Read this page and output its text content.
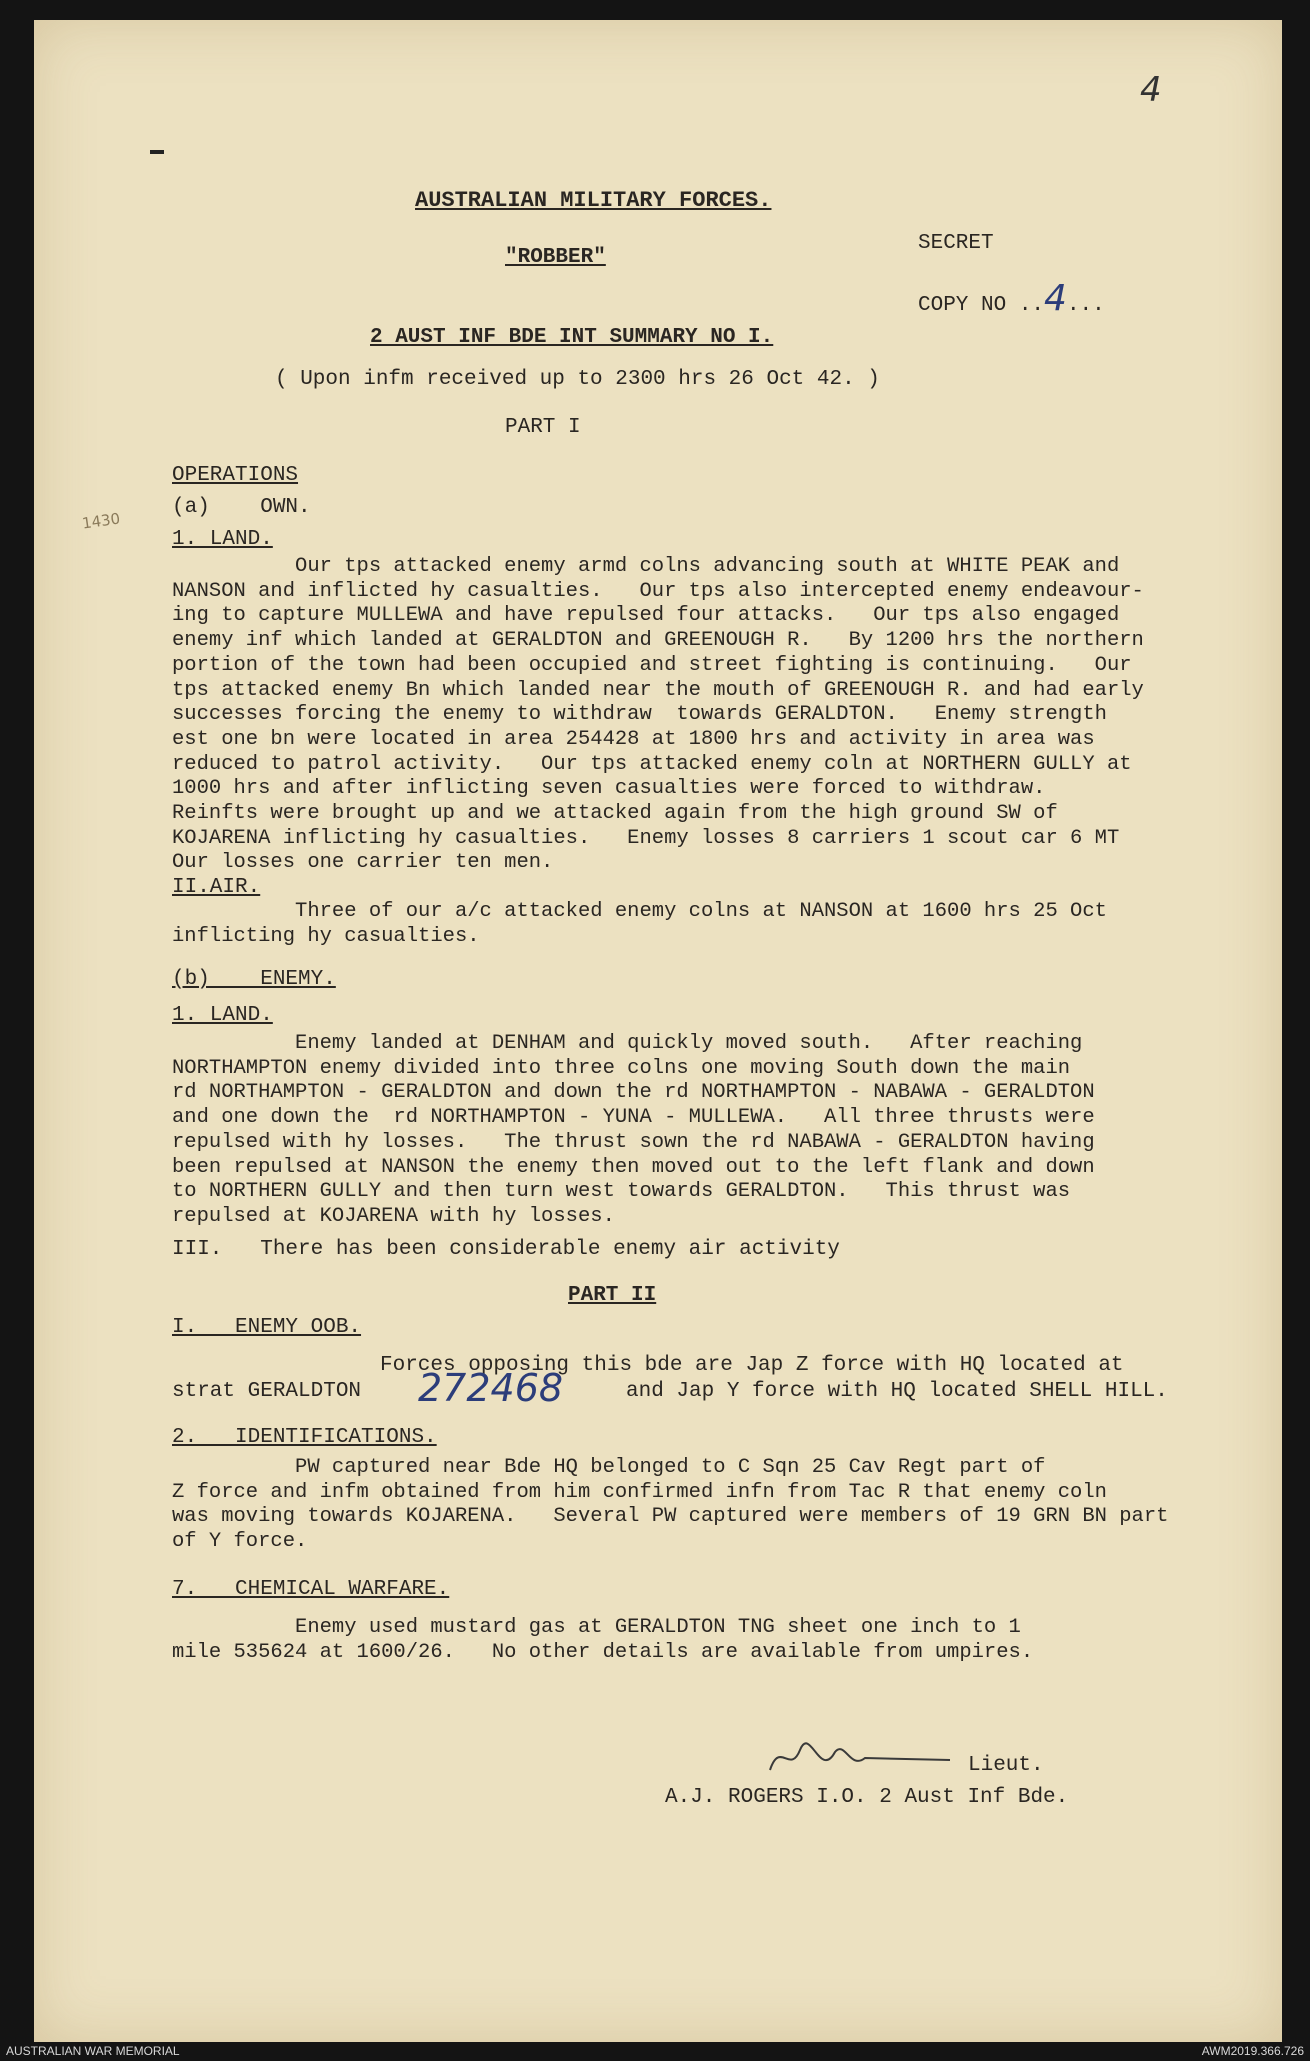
4
1430
AUSTRALIAN MILITARY FORCES.
"ROBBER"
SECRET
COPY NO ..4...
2 AUST INF BDE INT SUMMARY NO I.
( Upon infm received up to 2300 hrs 26 Oct 42. )
PART I
OPERATIONS
(a)    OWN.
1. LAND.
Our tps attacked enemy armd colns advancing south at WHITE PEAK and
NANSON and inflicted hy casualties.   Our tps also intercepted enemy endeavour-
ing to capture MULLEWA and have repulsed four attacks.   Our tps also engaged
enemy inf which landed at GERALDTON and GREENOUGH R.   By 1200 hrs the northern
portion of the town had been occupied and street fighting is continuing.   Our
tps attacked enemy Bn which landed near the mouth of GREENOUGH R. and had early
successes forcing the enemy to withdraw  towards GERALDTON.   Enemy strength
est one bn were located in area 254428 at 1800 hrs and activity in area was
reduced to patrol activity.   Our tps attacked enemy coln at NORTHERN GULLY at
1000 hrs and after inflicting seven casualties were forced to withdraw.
Reinfts were brought up and we attacked again from the high ground SW of
KOJARENA inflicting hy casualties.   Enemy losses 8 carriers 1 scout car 6 MT
Our losses one carrier ten men.
II.AIR.
Three of our a/c attacked enemy colns at NANSON at 1600 hrs 25 Oct
inflicting hy casualties.
(b)    ENEMY.
1. LAND.
Enemy landed at DENHAM and quickly moved south.   After reaching
NORTHAMPTON enemy divided into three colns one moving South down the main
rd NORTHAMPTON - GERALDTON and down the rd NORTHAMPTON - NABAWA - GERALDTON
and one down the  rd NORTHAMPTON - YUNA - MULLEWA.   All three thrusts were
repulsed with hy losses.   The thrust sown the rd NABAWA - GERALDTON having
been repulsed at NANSON the enemy then moved out to the left flank and down
to NORTHERN GULLY and then turn west towards GERALDTON.   This thrust was
repulsed at KOJARENA with hy losses.
III.   There has been considerable enemy air activity
PART II
I.   ENEMY OOB.
Forces opposing this bde are Jap Z force with HQ located at
strat GERALDTON 272468	and Jap Y force with HQ located SHELL HILL.
2.   IDENTIFICATIONS.
PW captured near Bde HQ belonged to C Sqn 25 Cav Regt part of
Z force and infm obtained from him confirmed infn from Tac R that enemy coln
was moving towards KOJARENA.   Several PW captured were members of 19 GRN BN part
of Y force.
7.   CHEMICAL WARFARE.
Enemy used mustard gas at GERALDTON TNG sheet one inch to 1
mile 535624 at 1600/26.   No other details are available from umpires.
Lieut.
A.J. ROGERS I.O. 2 Aust Inf Bde.
AUSTRALIAN WAR MEMORIAL	AWM2019.366.726
